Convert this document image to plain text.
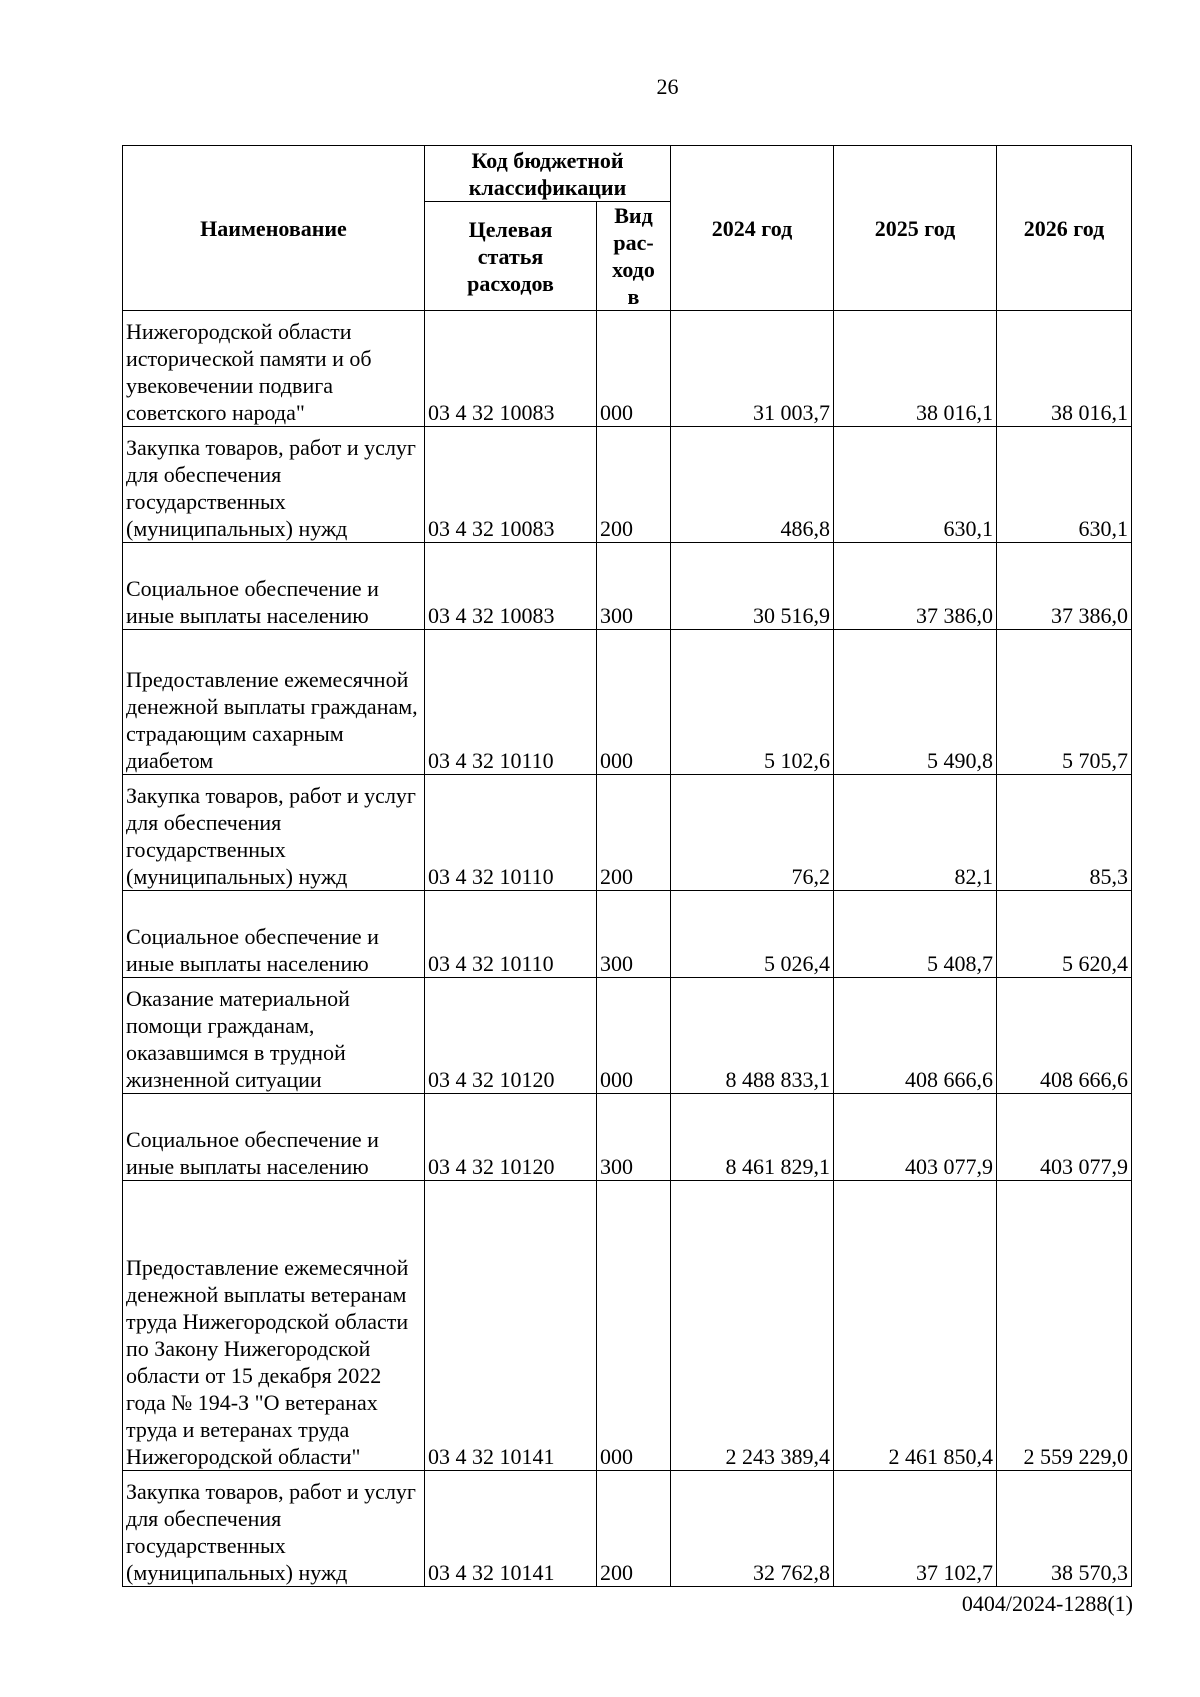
26
Наименование	Код бюджетной классификации		2024 год	2025 год	2026 год
	Целевая статья расходов	Вид рас-ходов			
Нижегородской области исторической памяти и об увековечении подвига советского народа"	03 4 32 10083	000	31 003,7	38 016,1	38 016,1
Закупка товаров, работ и услуг для обеспечения государственных (муниципальных) нужд	03 4 32 10083	200	486,8	630,1	630,1
Социальное обеспечение и иные выплаты населению	03 4 32 10083	300	30 516,9	37 386,0	37 386,0
Предоставление ежемесячной денежной выплаты гражданам, страдающим сахарным диабетом	03 4 32 10110	000	5 102,6	5 490,8	5 705,7
Закупка товаров, работ и услуг для обеспечения государственных (муниципальных) нужд	03 4 32 10110	200	76,2	82,1	85,3
Социальное обеспечение и иные выплаты населению	03 4 32 10110	300	5 026,4	5 408,7	5 620,4
Оказание материальной помощи гражданам, оказавшимся в трудной жизненной ситуации	03 4 32 10120	000	8 488 833,1	408 666,6	408 666,6
Социальное обеспечение и иные выплаты населению	03 4 32 10120	300	8 461 829,1	403 077,9	403 077,9
Предоставление ежемесячной денежной выплаты ветеранам труда Нижегородской области по Закону Нижегородской области от 15 декабря 2022 года № 194-З "О ветеранах труда и ветеранах труда Нижегородской области"	03 4 32 10141	000	2 243 389,4	2 461 850,4	2 559 229,0
Закупка товаров, работ и услуг для обеспечения государственных (муниципальных) нужд	03 4 32 10141	200	32 762,8	37 102,7	38 570,3
0404/2024-1288(1)
